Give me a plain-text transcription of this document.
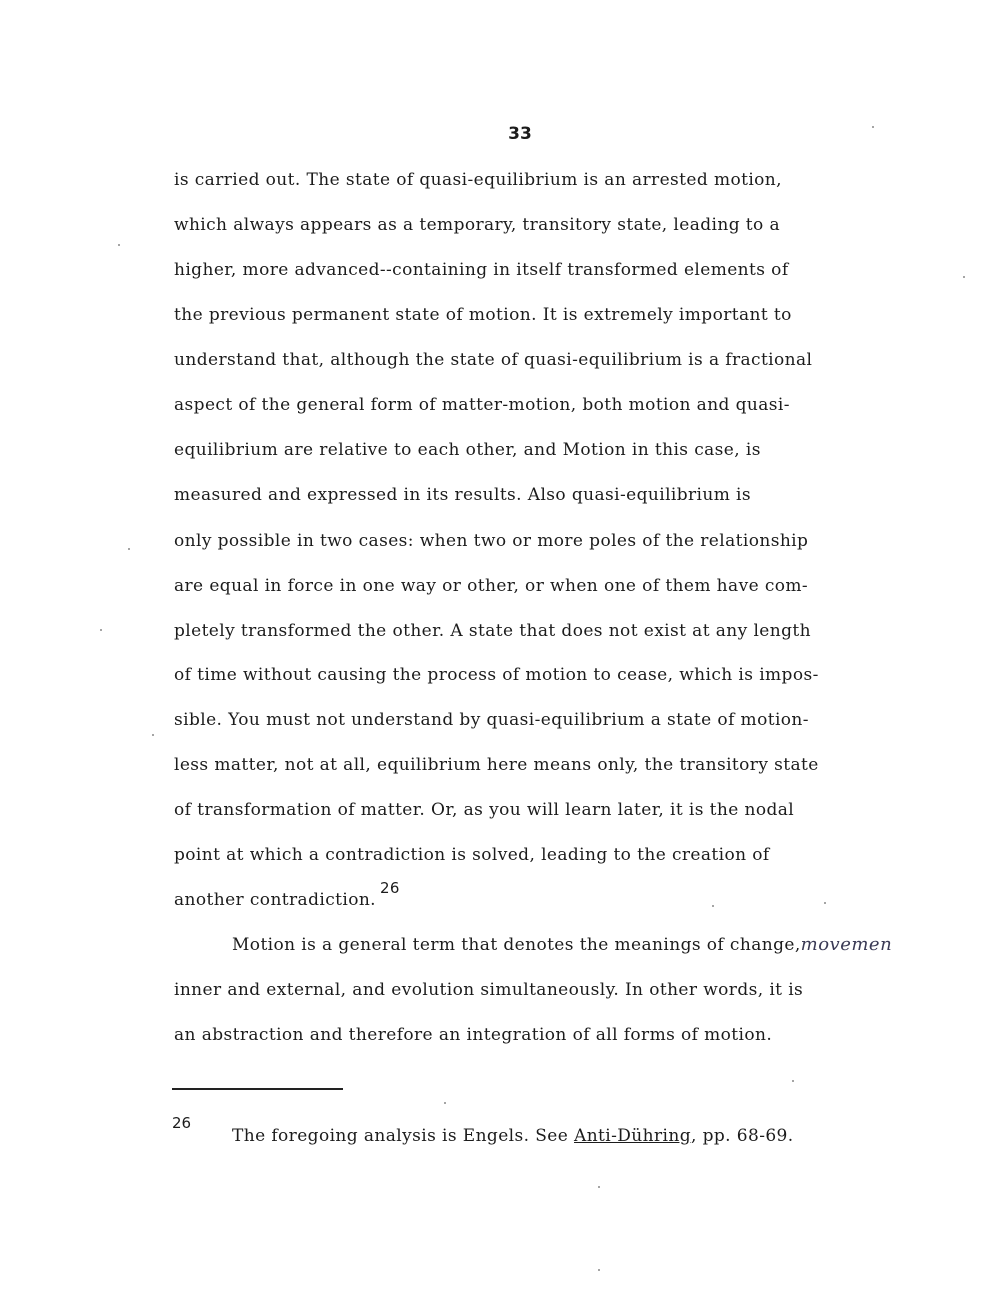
33
is carried out. The state of quasi-equilibrium is an arrested motion,
which always appears as a temporary, transitory state, leading to a
higher, more advanced--containing in itself transformed elements of
the previous permanent state of motion. It is extremely important to
understand that, although the state of quasi-equilibrium is a fractional
aspect of the general form of matter-motion, both motion and quasi-
equilibrium are relative to each other, and Motion in this case, is
measured and expressed in its results. Also quasi-equilibrium is
only possible in two cases: when two or more poles of the relationship
are equal in force in one way or other, or when one of them have com-
pletely transformed the other. A state that does not exist at any length
of time without causing the process of motion to cease, which is impos-
sible. You must not understand by quasi-equilibrium a state of motion-
less matter, not at all, equilibrium here means only, the transitory state
of transformation of matter. Or, as you will learn later, it is the nodal
point at which a contradiction is solved, leading to the creation of
another contradiction.26
Motion is a general term that denotes the meanings of change,movemen
inner and external, and evolution simultaneously. In other words, it is
an abstraction and therefore an integration of all forms of motion.
26
The foregoing analysis is Engels. See Anti-Dühring, pp. 68-69.
